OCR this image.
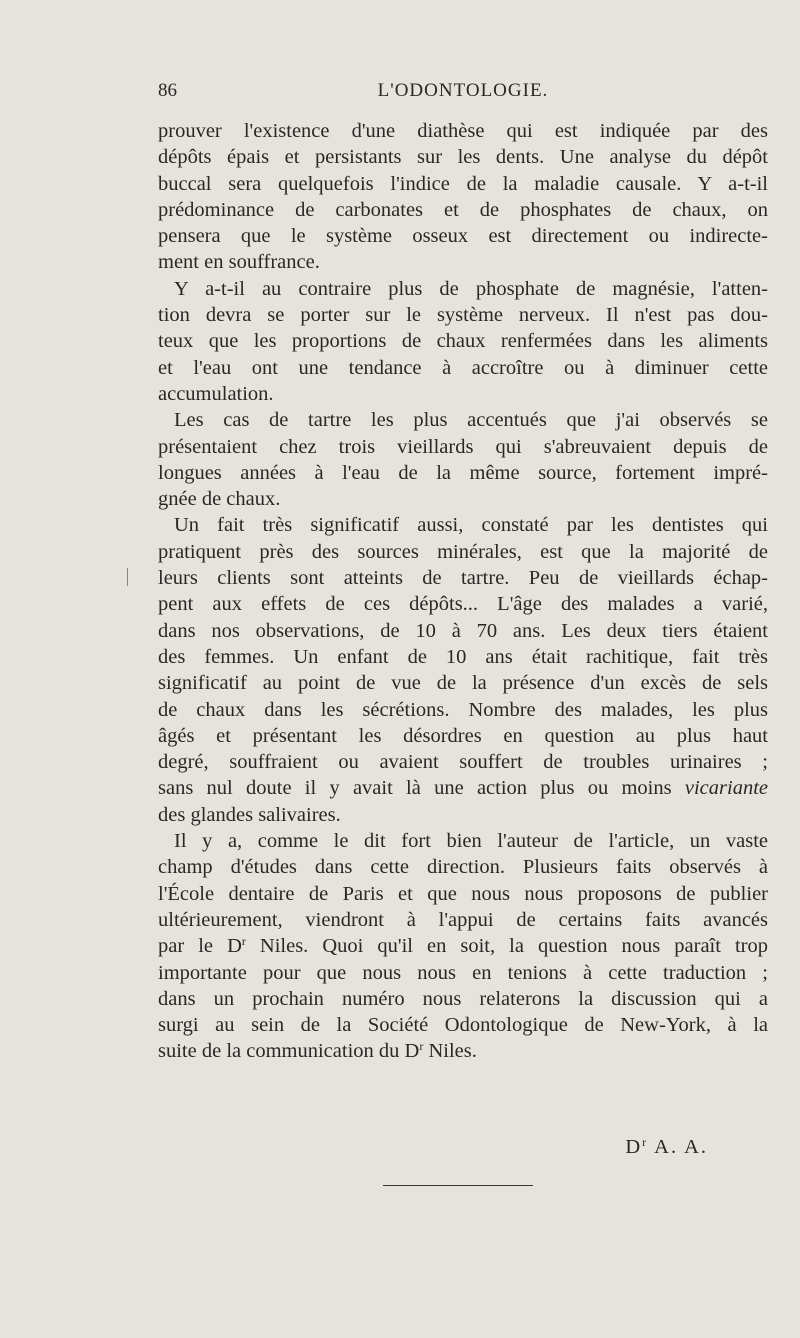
86	L'ODONTOLOGIE.
prouver l'existence d'une diathèse qui est indiquée par des
dépôts épais et persistants sur les dents. Une analyse du dépôt
buccal sera quelquefois l'indice de la maladie causale. Y a-t-il
prédominance de carbonates et de phosphates de chaux, on
pensera que le système osseux est directement ou indirecte-
ment en souffrance.
Y a-t-il au contraire plus de phosphate de magnésie, l'atten-
tion devra se porter sur le système nerveux. Il n'est pas dou-
teux que les proportions de chaux renfermées dans les aliments
et l'eau ont une tendance à accroître ou à diminuer cette
accumulation.
Les cas de tartre les plus accentués que j'ai observés se
présentaient chez trois vieillards qui s'abreuvaient depuis de
longues années à l'eau de la même source, fortement impré-
gnée de chaux.
Un fait très significatif aussi, constaté par les dentistes qui
pratiquent près des sources minérales, est que la majorité de
leurs clients sont atteints de tartre. Peu de vieillards échap-
pent aux effets de ces dépôts... L'âge des malades a varié,
dans nos observations, de 10 à 70 ans. Les deux tiers étaient
des femmes. Un enfant de 10 ans était rachitique, fait très
significatif au point de vue de la présence d'un excès de sels
de chaux dans les sécrétions. Nombre des malades, les plus
âgés et présentant les désordres en question au plus haut
degré, souffraient ou avaient souffert de troubles urinaires ;
sans nul doute il y avait là une action plus ou moins vicariante
des glandes salivaires.
Il y a, comme le dit fort bien l'auteur de l'article, un vaste
champ d'études dans cette direction. Plusieurs faits observés à
l'École dentaire de Paris et que nous nous proposons de publier
ultérieurement, viendront à l'appui de certains faits avancés
par le $D^r$ Niles. Quoi qu'il en soit, la question nous paraît trop
importante pour que nous nous en tenions à cette traduction ;
dans un prochain numéro nous relaterons la discussion qui a
surgi au sein de la Société Odontologique de New-York, à la
suite de la communication du $D^r$ Niles.
$D^r$ A. A.
